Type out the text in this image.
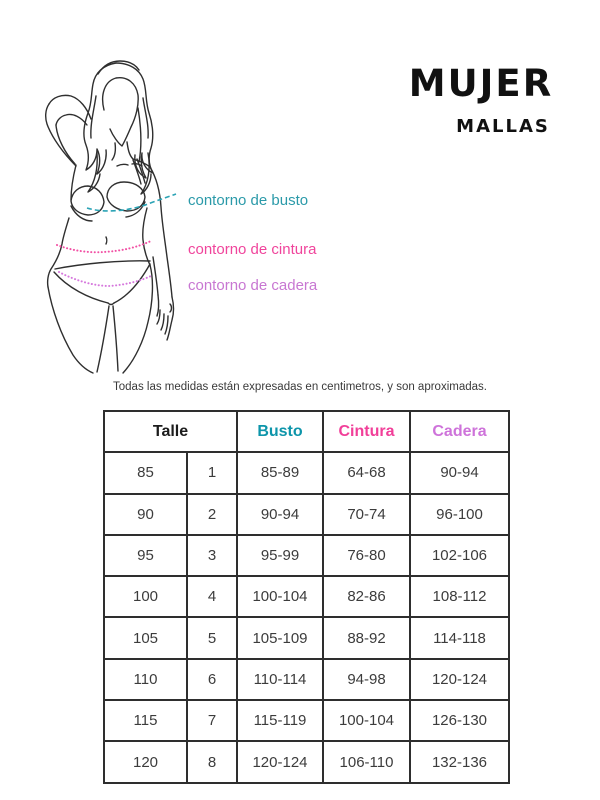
MUJER
MALLAS
contorno de busto
contorno de cintura
contorno de cadera
Todas las medidas están expresadas en centimetros, y son aproximadas.
Talle		Busto	Cintura	Cadera
85	1	85-89	64-68	90-94
90	2	90-94	70-74	96-100
95	3	95-99	76-80	102-106
100	4	100-104	82-86	108-112
105	5	105-109	88-92	114-118
110	6	110-114	94-98	120-124
115	7	115-119	100-104	126-130
120	8	120-124	106-110	132-136
